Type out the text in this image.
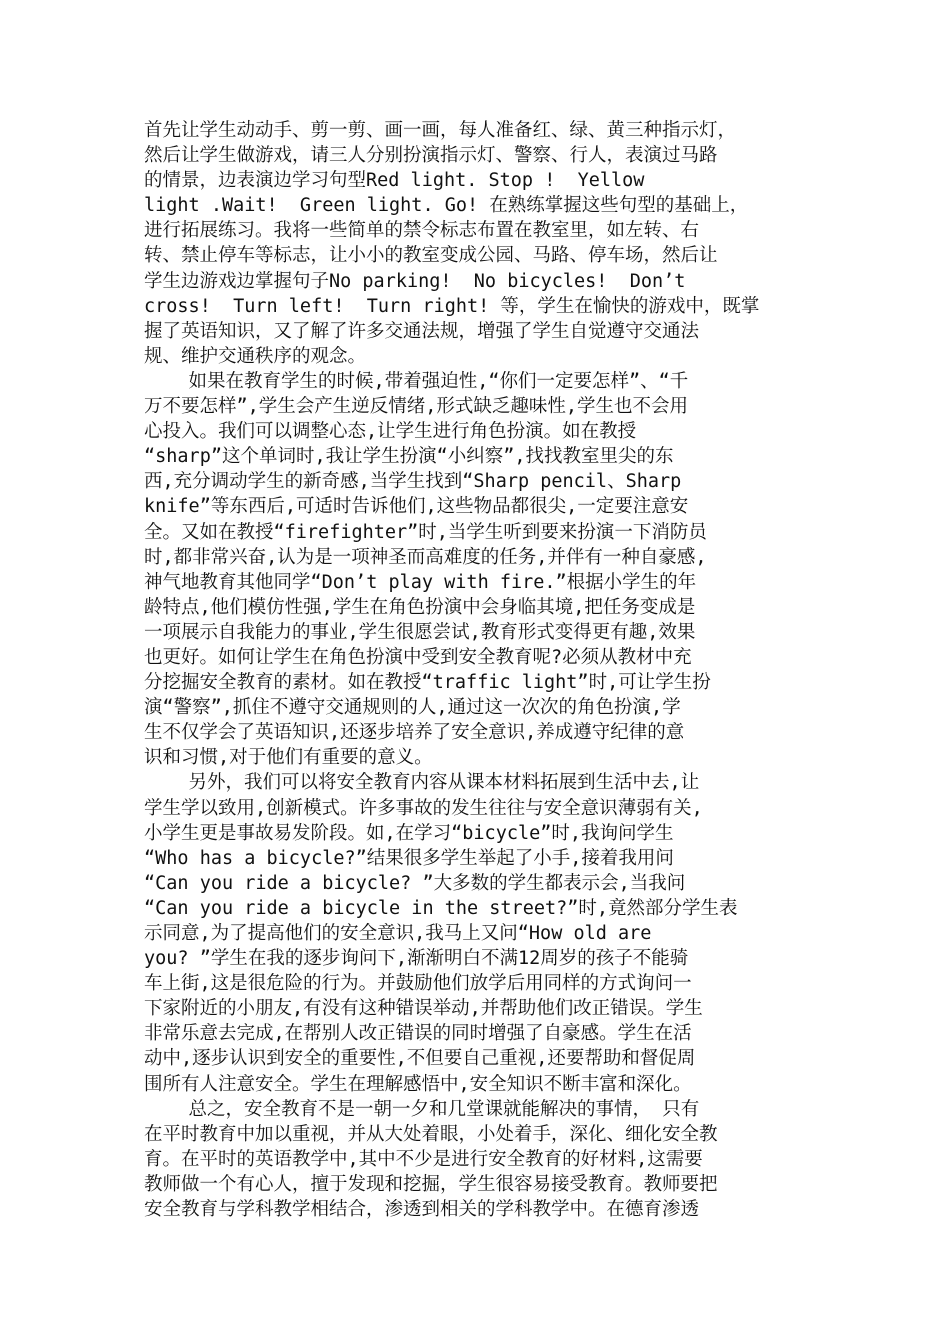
首先让学生动动手、剪一剪、画一画，每人准备红、绿、黄三种指示灯，
然后让学生做游戏，请三人分别扮演指示灯、警察、行人，表演过马路
的情景，边表演边学习句型Red light. Stop !  Yellow
light .Wait!  Green light. Go! 在熟练掌握这些句型的基础上，
进行拓展练习。我将一些简单的禁令标志布置在教室里，如左转、右
转、禁止停车等标志，让小小的教室变成公园、马路、停车场，然后让
学生边游戏边掌握句子No parking!  No bicycles!  Don’t
cross!  Turn left!  Turn right! 等，学生在愉快的游戏中，既掌
握了英语知识，又了解了许多交通法规，增强了学生自觉遵守交通法
规、维护交通秩序的观念。
如果在教育学生的时候,带着强迫性,“你们一定要怎样”、“千
万不要怎样”,学生会产生逆反情绪,形式缺乏趣味性,学生也不会用
心投入。我们可以调整心态,让学生进行角色扮演。如在教授
“sharp”这个单词时,我让学生扮演“小纠察”,找找教室里尖的东
西,充分调动学生的新奇感,当学生找到“Sharp pencil、Sharp
knife”等东西后,可适时告诉他们,这些物品都很尖,一定要注意安
全。又如在教授“firefighter”时,当学生听到要来扮演一下消防员
时,都非常兴奋,认为是一项神圣而高难度的任务,并伴有一种自豪感,
神气地教育其他同学“Don’t play with fire.”根据小学生的年
龄特点,他们模仿性强,学生在角色扮演中会身临其境,把任务变成是
一项展示自我能力的事业,学生很愿尝试,教育形式变得更有趣,效果
也更好。如何让学生在角色扮演中受到安全教育呢?必须从教材中充
分挖掘安全教育的素材。如在教授“traffic light”时,可让学生扮
演“警察”,抓住不遵守交通规则的人,通过这一次次的角色扮演,学
生不仅学会了英语知识,还逐步培养了安全意识,养成遵守纪律的意
识和习惯,对于他们有重要的意义。
另外，我们可以将安全教育内容从课本材料拓展到生活中去,让
学生学以致用,创新模式。许多事故的发生往往与安全意识薄弱有关,
小学生更是事故易发阶段。如,在学习“bicycle”时,我询问学生
“Who has a bicycle?”结果很多学生举起了小手,接着我用问
“Can you ride a bicycle? ”大多数的学生都表示会,当我问
“Can you ride a bicycle in the street?”时,竟然部分学生表
示同意,为了提高他们的安全意识,我马上又问“How old are
you? ”学生在我的逐步询问下,渐渐明白不满12周岁的孩子不能骑
车上街,这是很危险的行为。并鼓励他们放学后用同样的方式询问一
下家附近的小朋友,有没有这种错误举动,并帮助他们改正错误。学生
非常乐意去完成,在帮别人改正错误的同时增强了自豪感。学生在活
动中,逐步认识到安全的重要性,不但要自己重视,还要帮助和督促周
围所有人注意安全。学生在理解感悟中,安全知识不断丰富和深化。
总之，安全教育不是一朝一夕和几堂课就能解决的事情， 只有
在平时教育中加以重视，并从大处着眼，小处着手，深化、细化安全教
育。在平时的英语教学中,其中不少是进行安全教育的好材料,这需要
教师做一个有心人，擅于发现和挖掘，学生很容易接受教育。教师要把
安全教育与学科教学相结合，渗透到相关的学科教学中。在德育渗透
